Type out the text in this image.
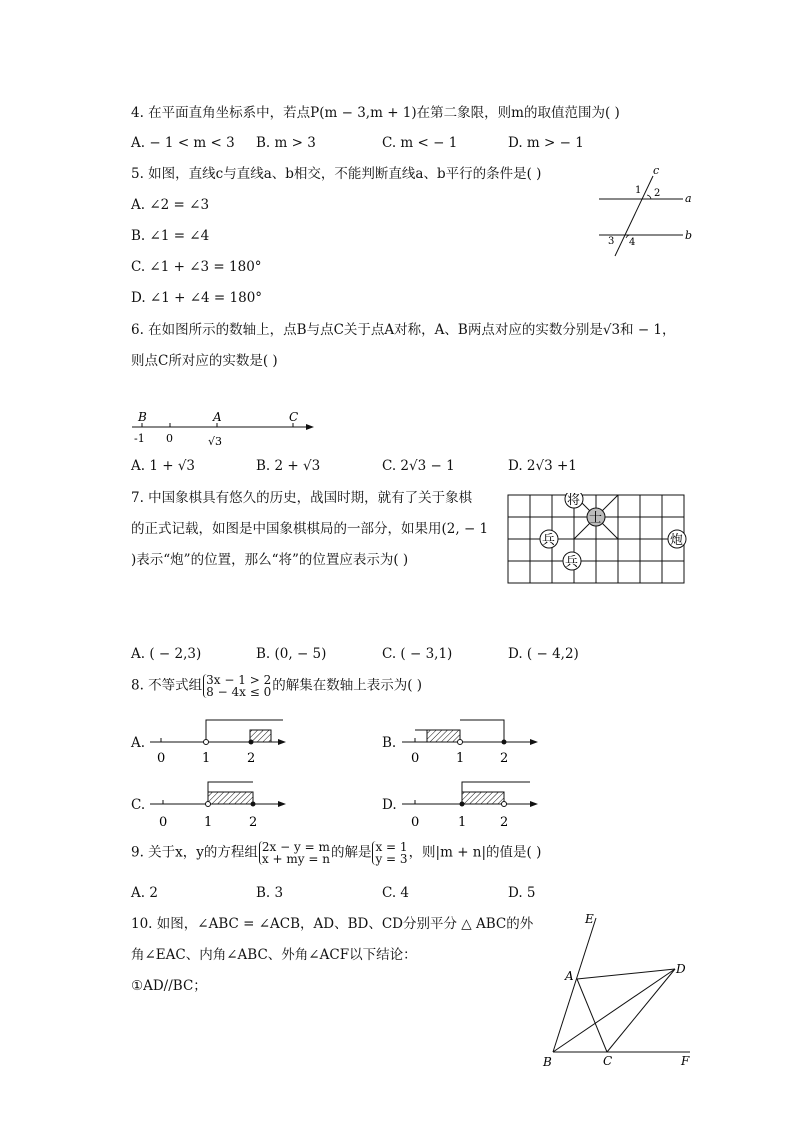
4. 在平面直角坐标系中，若点P(m − 3,m + 1)在第二象限，则m的取值范围为( )
A. − 1 < m < 3 B. m > 3	C. m < − 1	D. m > − 1
5. 如图，直线c与直线a、b相交，不能判断直线a、b平行的条件是( )
A. ∠2 = ∠3
B. ∠1 = ∠4
C. ∠1 + ∠3 = 180°
D. ∠1 + ∠4 = 180°
c
a
b
1 2
3 4
6. 在如图所示的数轴上，点B与点C关于点A对称，A、B两点对应的实数分别是√3和 − 1，
则点C所对应的实数是( )
B	A	C
-1 0	√3
A. 1 + √3	B. 2 + √3	C. 2√3 − 1	D. 2√3 +1
7. 中国象棋具有悠久的历史，战国时期，就有了关于象棋
的正式记载，如图是中国象棋棋局的一部分，如果用(2, − 1
)表示“炮”的位置，那么“将”的位置应表示为( )
将
士
炮
兵
兵
A. ( − 2,3)	B. (0, − 5)	C. ( − 3,1)	D. ( − 4,2)
8. 不等式组 3x − 1 > 2
8 − 4x ≤ 0的解集在数轴上表示为( )
A.
0	1	2
B.
0	1	2
C.
0	1	2
D.
0	1	2
9. 关于x，y的方程组 2x − y = m
x + my = n的解是 x = 1
y = 3，则|m + n|的值是( )
A. 2	B. 3	C. 4	D. 5
10. 如图，∠ABC = ∠ACB，AD、BD、CD分别平分 △ ABC的外
角∠EAC、内角∠ABC、外角∠ACF以下结论：
①AD//BC；
E
A	D
B	C	F
